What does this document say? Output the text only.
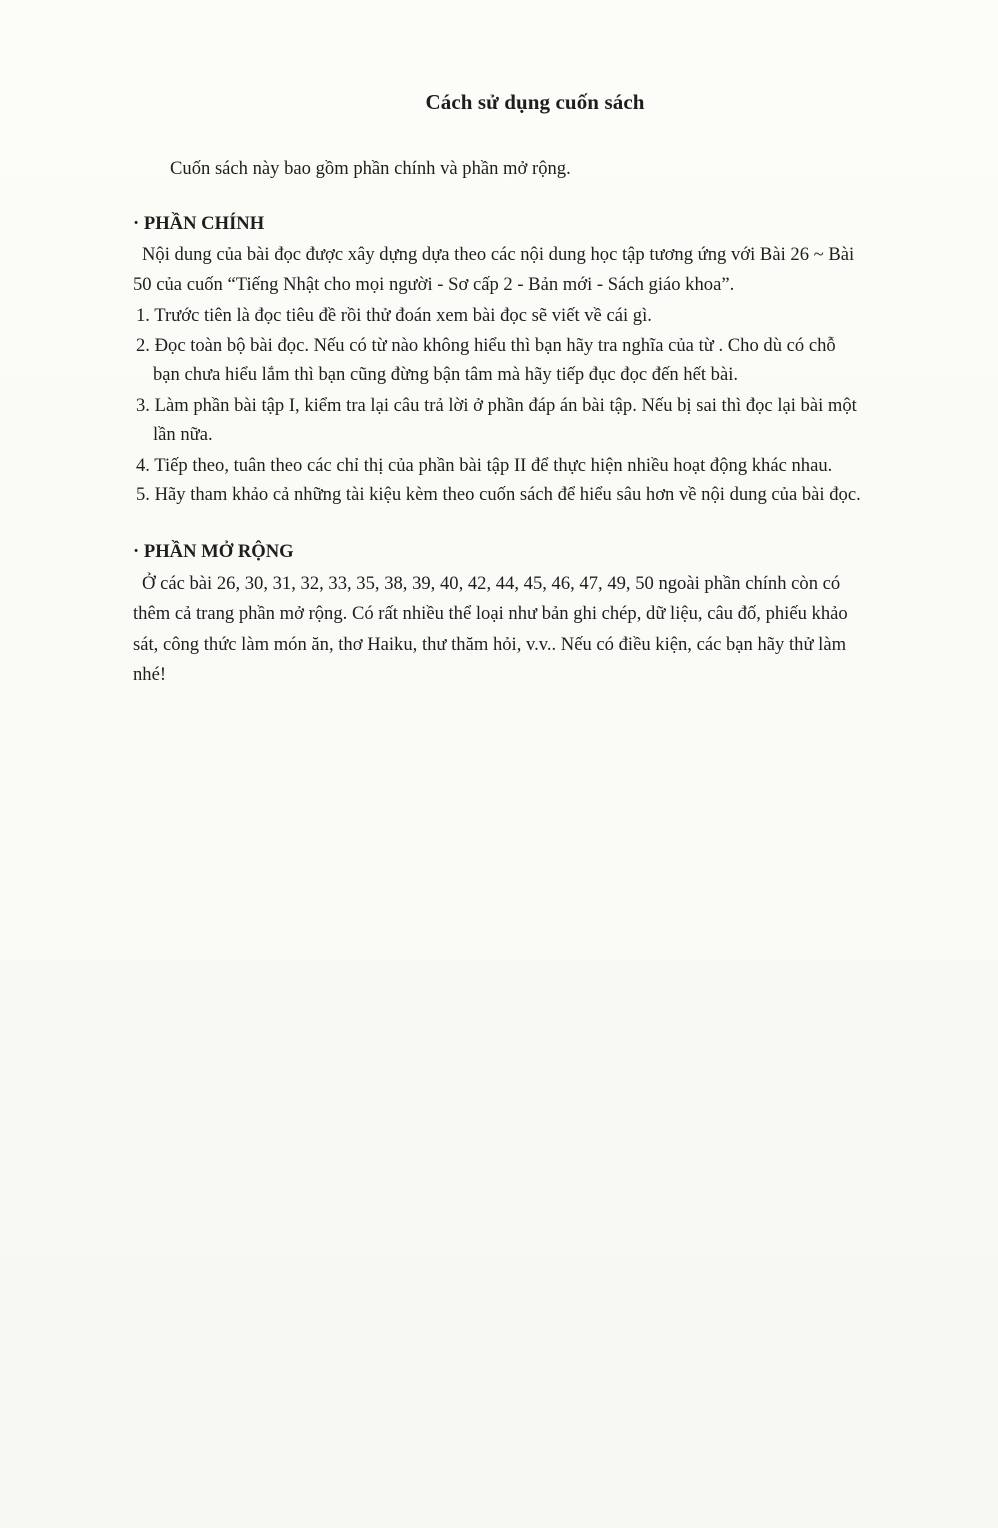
Cách sử dụng cuốn sách
Cuốn sách này bao gồm phần chính và phần mở rộng.
· PHẦN CHÍNH
Nội dung của bài đọc được xây dựng dựa theo các nội dung học tập tương ứng với Bài 26 ~ Bài
50 của cuốn “Tiếng Nhật cho mọi người - Sơ cấp 2 - Bản mới - Sách giáo khoa”.
1. Trước tiên là đọc tiêu đề rồi thử đoán xem bài đọc sẽ viết về cái gì.
2. Đọc toàn bộ bài đọc. Nếu có từ nào không hiểu thì bạn hãy tra nghĩa của từ . Cho dù có chỗ
bạn chưa hiểu lắm thì bạn cũng đừng bận tâm mà hãy tiếp đục đọc đến hết bài.
3. Làm phần bài tập I, kiểm tra lại câu trả lời ở phần đáp án bài tập. Nếu bị sai thì đọc lại bài một
lần nữa.
4. Tiếp theo, tuân theo các chỉ thị của phần bài tập II để thực hiện nhiều hoạt động khác nhau.
5. Hãy tham khảo cả những tài kiệu kèm theo cuốn sách để hiểu sâu hơn về nội dung của bài đọc.
· PHẦN MỞ RỘNG
Ở các bài 26, 30, 31, 32, 33, 35, 38, 39, 40, 42, 44, 45, 46, 47, 49, 50 ngoài phần chính còn có
thêm cả trang phần mở rộng. Có rất nhiều thể loại như bản ghi chép, dữ liệu, câu đố, phiếu khảo
sát, công thức làm món ăn, thơ Haiku, thư thăm hỏi, v.v.. Nếu có điều kiện, các bạn hãy thử làm
nhé!
